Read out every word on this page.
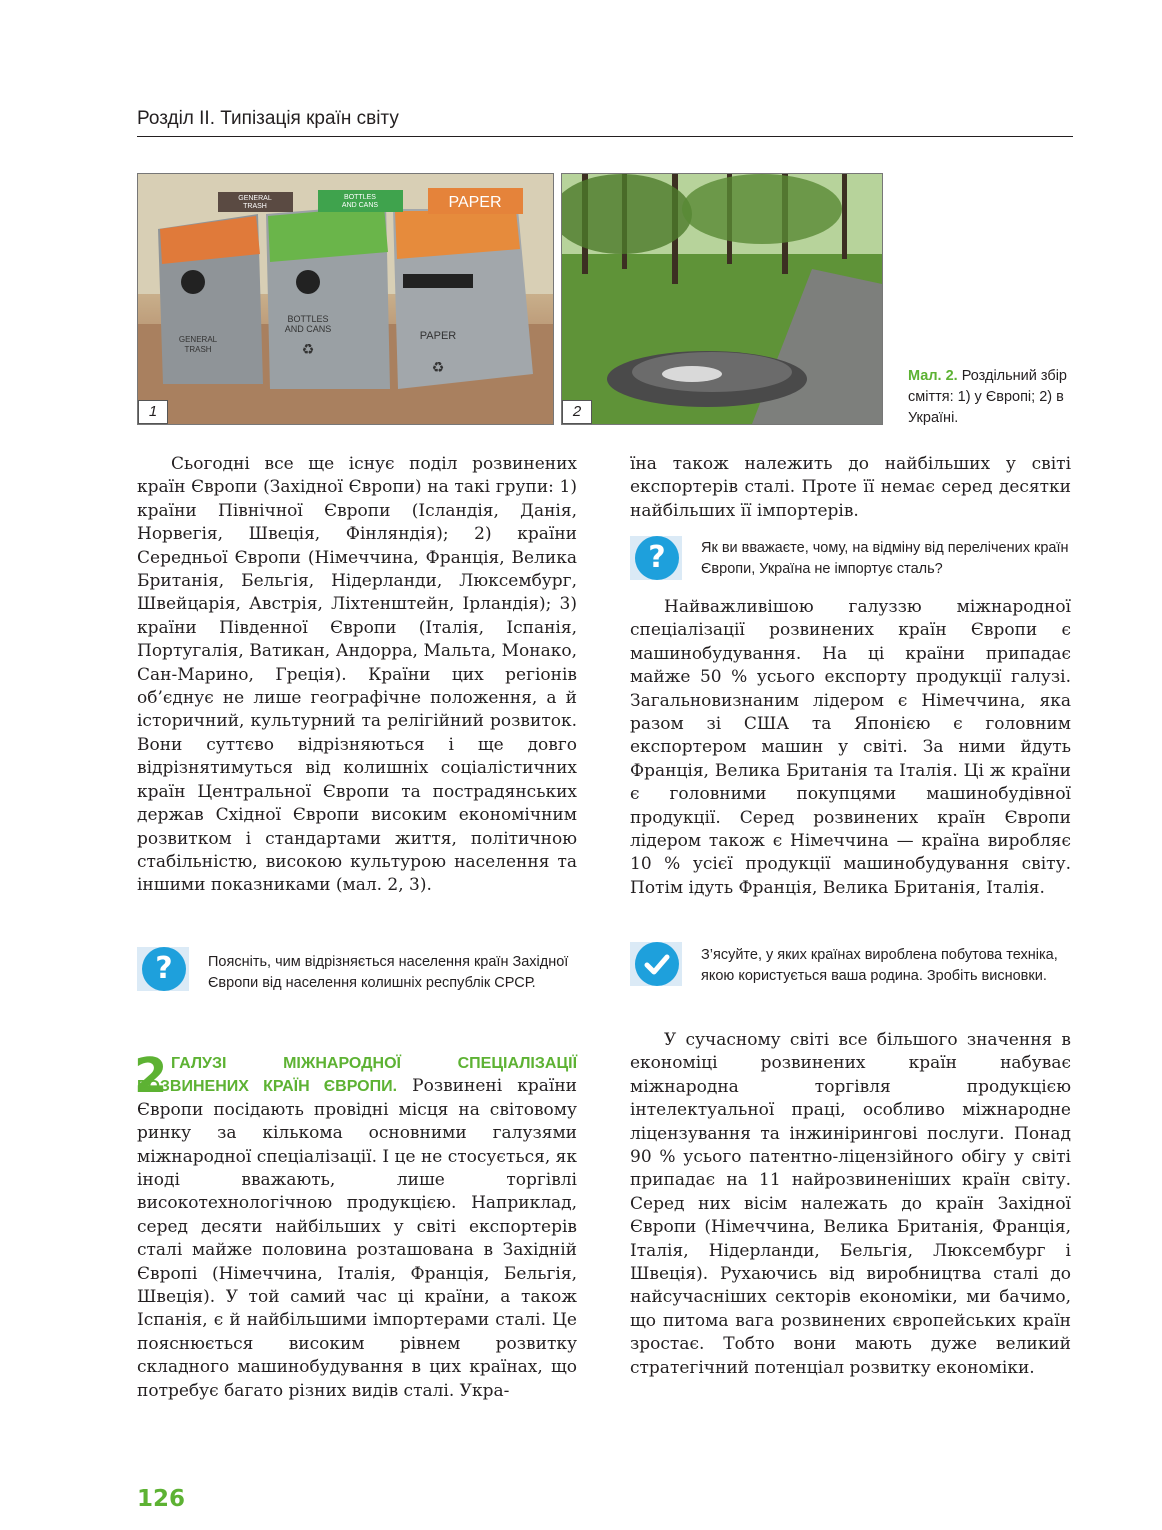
Розділ ІІ. Типізація країн світу
GENERAL
TRASH
BOTTLES
AND CANS	PAPER
GENERAL
TRASH
BOTTLES
AND CANS
PAPER
♻
♻
1	2
Мал. 2. Роздільний збір сміття: 1) у Європі; 2) в Україні.

Сьогодні все ще існує поділ розвинених країн Європи (Західної Європи) на такі групи: 1) країни Північної Європи (Ісландія, Данія, Норвегія, Швеція, Фінляндія); 2) країни Середньої Європи (Німеччина, Франція, Велика Британія, Бельгія, Нідерланди, Люксембург, Швейцарія, Австрія, Ліхтенштейн, Ірландія); 3) країни Південної Європи (Італія, Іспанія, Португалія, Ватикан, Андорра, Мальта, Монако, Сан-Марино, Греція). Країни цих регіонів об’єднує не лише географічне положення, а й історичний, культурний та релігійний розвиток. Вони суттєво відрізняються і ще довго відрізнятимуться від колишніх соціалістичних країн Центральної Європи та пострадянських держав Східної Європи високим економічним розвитком і стандартами життя, політичною стабільністю, високою культурою населення та іншими показниками (мал. 2, 3).

?	Поясніть, чим відрізняється населення країн Західної Європи від населення колишніх республік СРСР.
2 ГАЛУЗІ МІЖНАРОДНОЇ СПЕЦІАЛІЗАЦІЇ РОЗВИНЕНИХ КРАЇН ЄВРОПИ. Розвинені країни Європи посідають провідні місця на світовому ринку за кількома основними галузями міжнародної спеціалізації. І це не стосується, як іноді вважають, лише торгівлі високотехнологічною продукцією. Наприклад, серед десяти найбільших у світі експортерів сталі майже половина розташована в Західній Європі (Німеччина, Італія, Франція, Бельгія, Швеція). У той самий час ці країни, а також Іспанія, є й найбільшими імпортерами сталі. Це пояснюється високим рівнем розвитку складного машинобудування в цих країнах, що потребує багато різних видів сталі. Укра-

їна також належить до найбільших у світі експортерів сталі. Проте її немає серед десятки найбільших її імпортерів.

?	Як ви вважаєте, чому, на відміну від перелічених країн Європи, Україна не імпортує сталь?

Найважливішою галуззю міжнародної спеціалізації розвинених країн Європи є машинобудування. На ці країни припадає майже 50 % усього експорту продукції галузі. Загальновизнаним лідером є Німеччина, яка разом зі США та Японією є головним експортером машин у світі. За ними йдуть Франція, Велика Британія та Італія. Ці ж країни є головними покупцями машинобудівної продукції. Серед розвинених країн Європи лідером також є Німеччина — країна виробляє 10 % усієї продукції машинобудування світу. Потім ідуть Франція, Велика Британія, Італія.

З’ясуйте, у яких країнах вироблена побутова техніка, якою користується ваша родина. Зробіть висновки.

У сучасному світі все більшого значення в економіці розвинених країн набуває міжнародна торгівля продукцією інтелектуальної праці, особливо міжнародне ліцензування та інжинірингові послуги. Понад 90 % усього патентно-ліцензійного обігу у світі припадає на 11 найрозвиненіших країн світу. Серед них вісім належать до країн Західної Європи (Німеччина, Велика Британія, Франція, Італія, Нідерланди, Бельгія, Люксембург і Швеція). Рухаючись від виробництва сталі до найсучасніших секторів економіки, ми бачимо, що питома вага розвинених європейських країн зростає. Тобто вони мають дуже великий стратегічний потенціал розвитку економіки.

126
